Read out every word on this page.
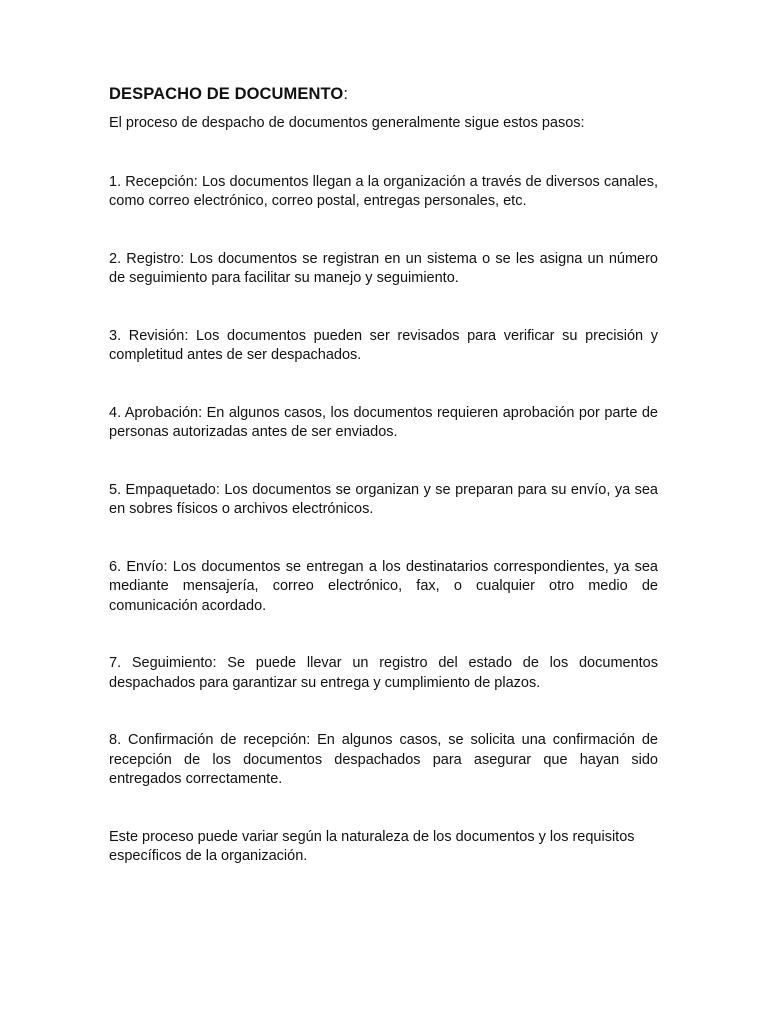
DESPACHO DE DOCUMENTO:

El proceso de despacho de documentos generalmente sigue estos pasos:

1. Recepción: Los documentos llegan a la organización a través de diversos canales, como correo electrónico, correo postal, entregas personales, etc.

2. Registro: Los documentos se registran en un sistema o se les asigna un número de seguimiento para facilitar su manejo y seguimiento.

3. Revisión: Los documentos pueden ser revisados para verificar su precisión y completitud antes de ser despachados.

4. Aprobación: En algunos casos, los documentos requieren aprobación por parte de personas autorizadas antes de ser enviados.

5. Empaquetado: Los documentos se organizan y se preparan para su envío, ya sea en sobres físicos o archivos electrónicos.

6. Envío: Los documentos se entregan a los destinatarios correspondientes, ya sea mediante mensajería, correo electrónico, fax, o cualquier otro medio de comunicación acordado.

7. Seguimiento: Se puede llevar un registro del estado de los documentos despachados para garantizar su entrega y cumplimiento de plazos.

8. Confirmación de recepción: En algunos casos, se solicita una confirmación de recepción de los documentos despachados para asegurar que hayan sido entregados correctamente.

Este proceso puede variar según la naturaleza de los documentos y los requisitos específicos de la organización.
